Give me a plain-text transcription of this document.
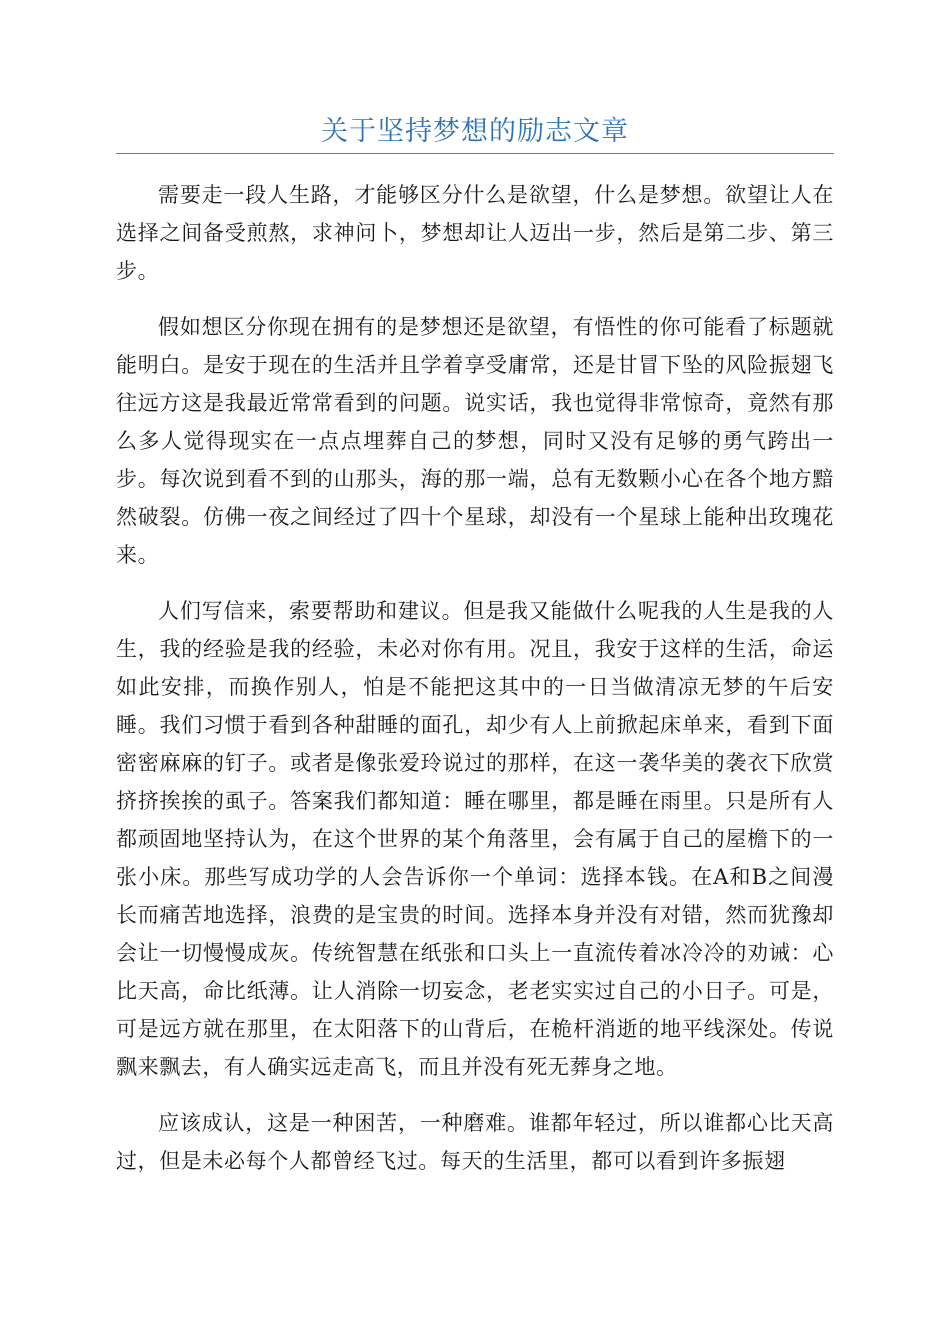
关于坚持梦想的励志文章

需要走一段人生路，才能够区分什么是欲望，什么是梦想。欲望让人在选择之间备受煎熬，求神问卜，梦想却让人迈出一步，然后是第二步、第三步。

假如想区分你现在拥有的是梦想还是欲望，有悟性的你可能看了标题就能明白。是安于现在的生活并且学着享受庸常，还是甘冒下坠的风险振翅飞往远方这是我最近常常看到的问题。说实话，我也觉得非常惊奇，竟然有那么多人觉得现实在一点点埋葬自己的梦想，同时又没有足够的勇气跨出一步。每次说到看不到的山那头，海的那一端，总有无数颗小心在各个地方黯然破裂。仿佛一夜之间经过了四十个星球，却没有一个星球上能种出玫瑰花来。

人们写信来，索要帮助和建议。但是我又能做什么呢我的人生是我的人生，我的经验是我的经验，未必对你有用。况且，我安于这样的生活，命运如此安排，而换作别人，怕是不能把这其中的一日当做清凉无梦的午后安睡。我们习惯于看到各种甜睡的面孔，却少有人上前掀起床单来，看到下面密密麻麻的钉子。或者是像张爱玲说过的那样，在这一袭华美的袭衣下欣赏挤挤挨挨的虱子。答案我们都知道：睡在哪里，都是睡在雨里。只是所有人都顽固地坚持认为，在这个世界的某个角落里，会有属于自己的屋檐下的一张小床。那些写成功学的人会告诉你一个单词：选择本钱。在A和B之间漫长而痛苦地选择，浪费的是宝贵的时间。选择本身并没有对错，然而犹豫却会让一切慢慢成灰。传统智慧在纸张和口头上一直流传着冰冷冷的劝诫：心比天高，命比纸薄。让人消除一切妄念，老老实实过自己的小日子。可是，可是远方就在那里，在太阳落下的山背后，在桅杆消逝的地平线深处。传说飘来飘去，有人确实远走高飞，而且并没有死无葬身之地。

应该成认，这是一种困苦，一种磨难。谁都年轻过，所以谁都心比天高过，但是未必每个人都曾经飞过。每天的生活里，都可以看到许多振翅
